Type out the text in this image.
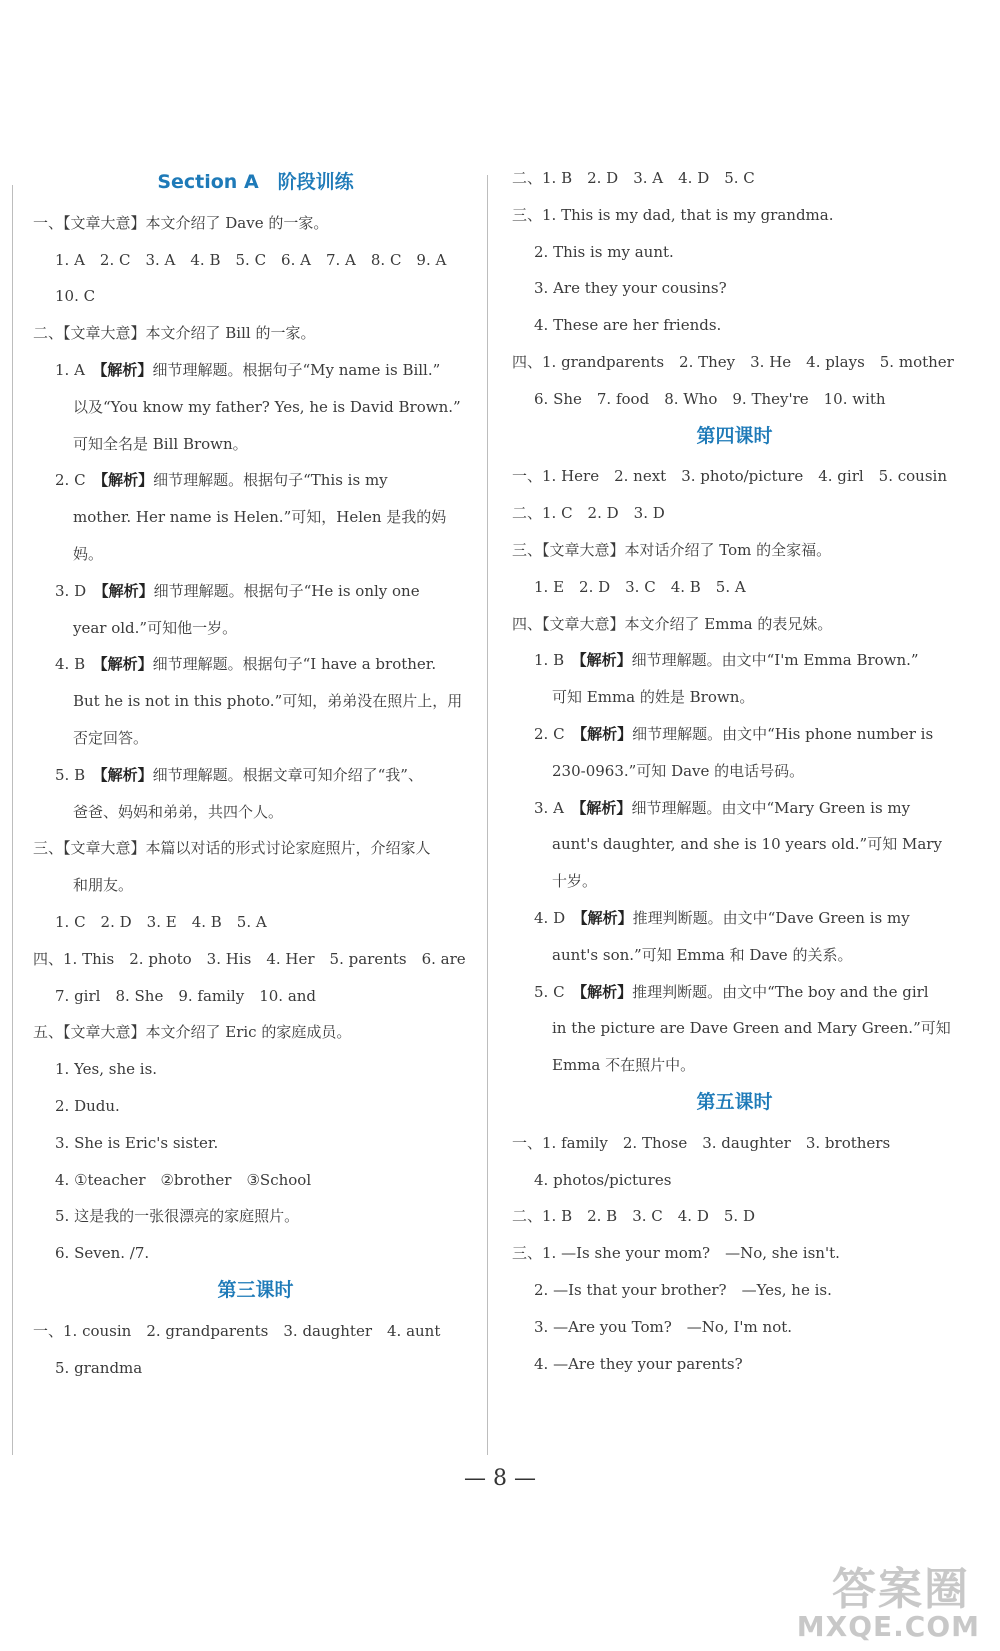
Section A　阶段训练
一、【文章大意】本文介绍了 Dave 的一家。
1. A　2. C　3. A　4. B　5. C　6. A　7. A　8. C　9. A
10. C
二、【文章大意】本文介绍了 Bill 的一家。
1. A　【解析】细节理解题。根据句子“My name is Bill.”
以及“You know my father? Yes, he is David Brown.”
可知全名是 Bill Brown。
2. C　【解析】细节理解题。根据句子“This is my
mother. Her name is Helen.”可知，Helen 是我的妈
妈。
3. D　【解析】细节理解题。根据句子“He is only one
year old.”可知他一岁。
4. B　【解析】细节理解题。根据句子“I have a brother.
But he is not in this photo.”可知，弟弟没在照片上，用
否定回答。
5. B　【解析】细节理解题。根据文章可知介绍了“我”、
爸爸、妈妈和弟弟，共四个人。
三、【文章大意】本篇以对话的形式讨论家庭照片，介绍家人
和朋友。
1. C　2. D　3. E　4. B　5. A
四、1. This　2. photo　3. His　4. Her　5. parents　6. are
7. girl　8. She　9. family　10. and
五、【文章大意】本文介绍了 Eric 的家庭成员。
1. Yes, she is.
2. Dudu.
3. She is Eric's sister.
4. ①teacher　②brother　③School
5. 这是我的一张很漂亮的家庭照片。
6. Seven. /7.
第三课时
一、1. cousin　2. grandparents　3. daughter　4. aunt
5. grandma
二、1. B　2. D　3. A　4. D　5. C
三、1. This is my dad, that is my grandma.
2. This is my aunt.
3. Are they your cousins?
4. These are her friends.
四、1. grandparents　2. They　3. He　4. plays　5. mother
6. She　7. food　8. Who　9. They're　10. with
第四课时
一、1. Here　2. next　3. photo/picture　4. girl　5. cousin
二、1. C　2. D　3. D
三、【文章大意】本对话介绍了 Tom 的全家福。
1. E　2. D　3. C　4. B　5. A
四、【文章大意】本文介绍了 Emma 的表兄妹。
1. B　【解析】细节理解题。由文中“I'm Emma Brown.”
可知 Emma 的姓是 Brown。
2. C　【解析】细节理解题。由文中“His phone number is
230-0963.”可知 Dave 的电话号码。
3. A　【解析】细节理解题。由文中“Mary Green is my
aunt's daughter, and she is 10 years old.”可知 Mary
十岁。
4. D　【解析】推理判断题。由文中“Dave Green is my
aunt's son.”可知 Emma 和 Dave 的关系。
5. C　【解析】推理判断题。由文中“The boy and the girl
in the picture are Dave Green and Mary Green.”可知
Emma 不在照片中。
第五课时
一、1. family　2. Those　3. daughter　3. brothers
4. photos/pictures
二、1. B　2. B　3. C　4. D　5. D
三、1. —Is she your mom?　—No, she isn't.
2. —Is that your brother?　—Yes, he is.
3. —Are you Tom?　—No, I'm not.
4. —Are they your parents?
— 8 —
答案圈
MXQE.COM
